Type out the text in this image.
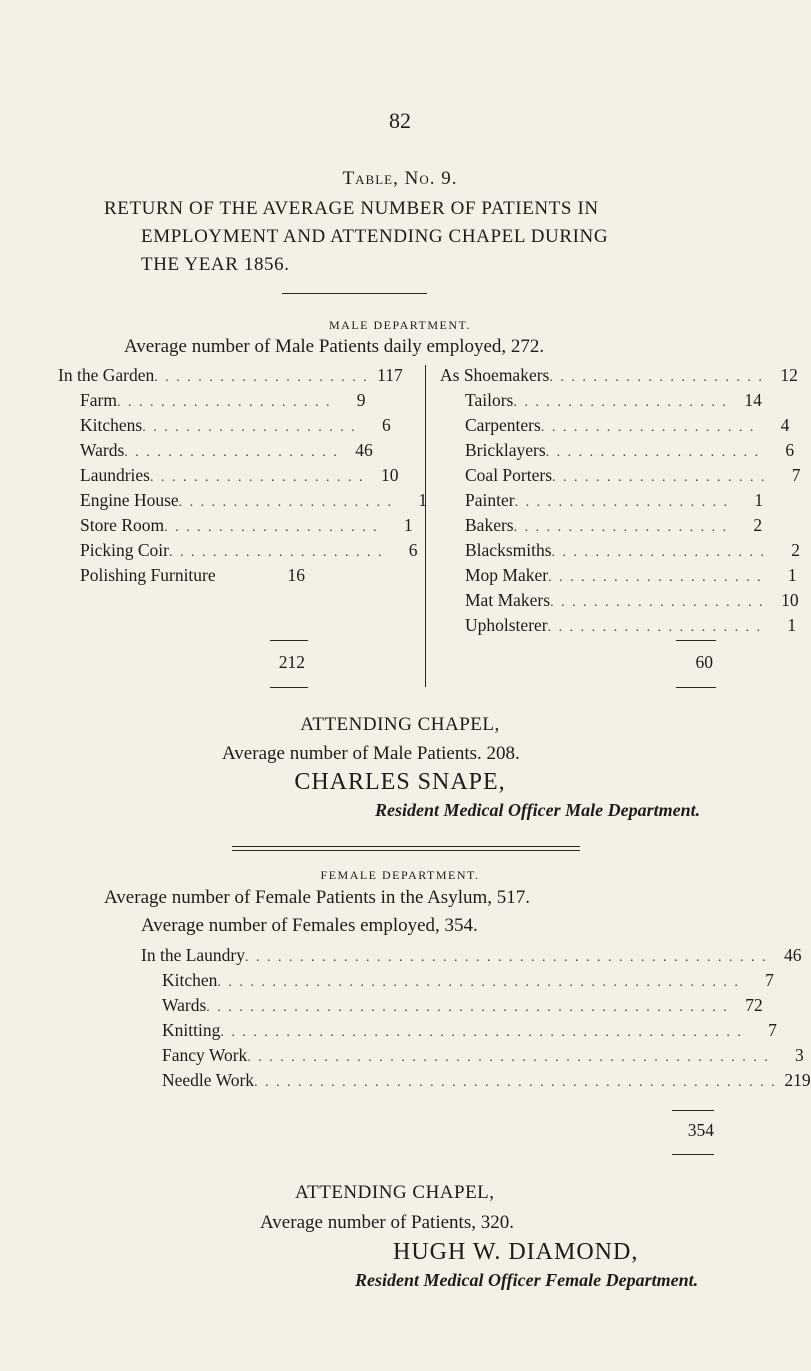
82
Table, No. 9.
RETURN OF THE AVERAGE NUMBER OF PATIENTS IN
EMPLOYMENT AND ATTENDING CHAPEL DURING
THE YEAR 1856.
MALE DEPARTMENT.
Average number of Male Patients daily employed, 272.
In the Garden . . . . . . . . . . . . . . . . . . . . 117
Farm . . . . . . . . . . . . . . . . . . . .	9
Kitchens . . . . . . . . . . . . . . . . . . . .	6
Wards . . . . . . . . . . . . . . . . . . . . 46
Laundries . . . . . . . . . . . . . . . . . . . . 10
Engine House . . . . . . . . . . . . . . . . . . . .	1
Store Room . . . . . . . . . . . . . . . . . . . .	1
Picking Coir . . . . . . . . . . . . . . . . . . . .	6
Polishing Furniture	16
212
As Shoemakers . . . . . . . . . . . . . . . . . . . . 12
Tailors . . . . . . . . . . . . . . . . . . . . 14
Carpenters . . . . . . . . . . . . . . . . . . . .	4
Bricklayers . . . . . . . . . . . . . . . . . . . .	6
Coal Porters . . . . . . . . . . . . . . . . . . . .	7
Painter . . . . . . . . . . . . . . . . . . . .	1
Bakers . . . . . . . . . . . . . . . . . . . .	2
Blacksmiths . . . . . . . . . . . . . . . . . . . .	2
Mop Maker . . . . . . . . . . . . . . . . . . . .	1
Mat Makers . . . . . . . . . . . . . . . . . . . . 10
Upholsterer . . . . . . . . . . . . . . . . . . . .	1
60
ATTENDING CHAPEL,
Average number of Male Patients. 208.
CHARLES SNAPE,
Resident Medical Officer Male Department.
FEMALE DEPARTMENT.
Average number of Female Patients in the Asylum, 517.
Average number of Females employed, 354.
In the Laundry . . . . . . . . . . . . . . . . . . . . . . . . . . . . . . . . . . . . . . . . . . . . . . . . 46
Kitchen . . . . . . . . . . . . . . . . . . . . . . . . . . . . . . . . . . . . . . . . . . . . . . . .	7
Wards . . . . . . . . . . . . . . . . . . . . . . . . . . . . . . . . . . . . . . . . . . . . . . . . 72
Knitting . . . . . . . . . . . . . . . . . . . . . . . . . . . . . . . . . . . . . . . . . . . . . . . .	7
Fancy Work . . . . . . . . . . . . . . . . . . . . . . . . . . . . . . . . . . . . . . . . . . . . . . . .	3
Needle Work . . . . . . . . . . . . . . . . . . . . . . . . . . . . . . . . . . . . . . . . . . . . . . . . 219
354
ATTENDING CHAPEL,
Average number of Patients, 320.
HUGH W. DIAMOND,
Resident Medical Officer Female Department.
